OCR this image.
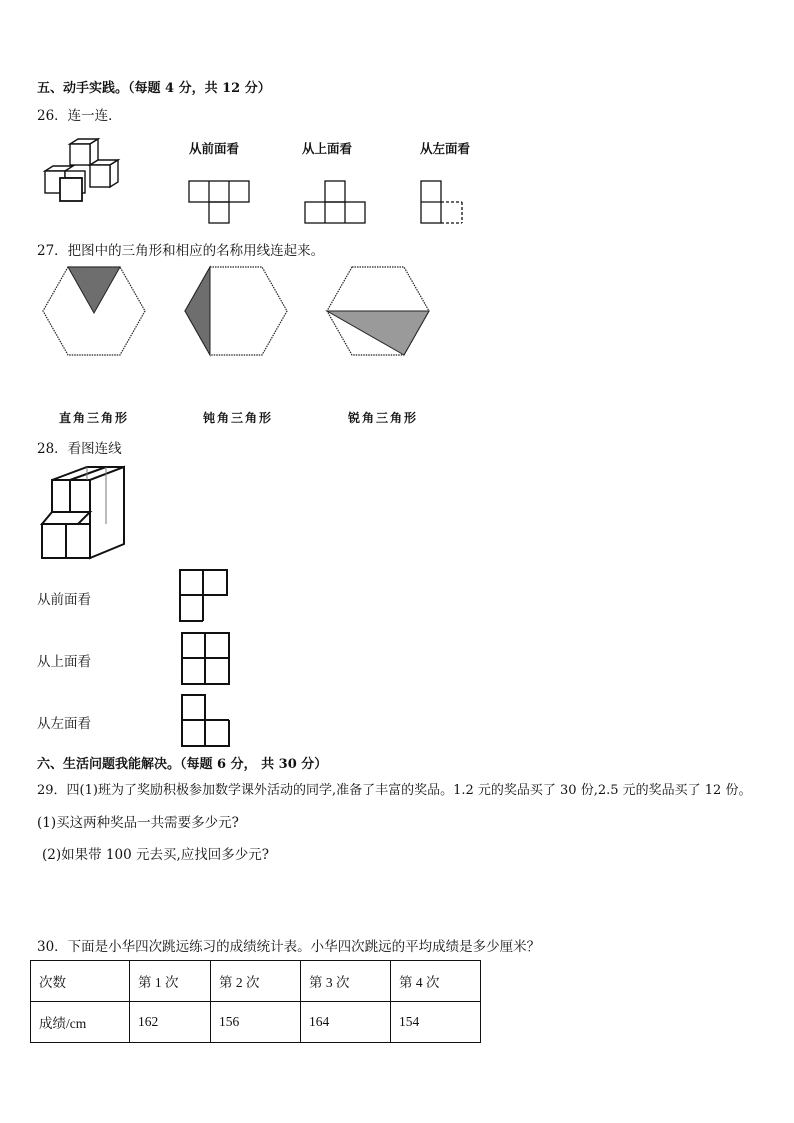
五、动手实践。（每题 4 分，共 12 分）
26．连一连．
从前面看	从上面看	从左面看
27．把图中的三角形和相应的名称用线连起来。
直角三角形	钝角三角形	锐角三角形
28．看图连线
从前面看
从上面看
从左面看
六、生活问题我能解决。（每题 6 分， 共 30 分）
29．四(1)班为了奖励积极参加数学课外活动的同学,准备了丰富的奖品。1.2 元的奖品买了 30 份,2.5 元的奖品买了 12 份。
(1)买这两种奖品一共需要多少元?
(2)如果带 100 元去买,应找回多少元?
30．下面是小华四次跳远练习的成绩统计表。小华四次跳远的平均成绩是多少厘米？
次数	第 1 次	第 2 次	第 3 次	第 4 次
成绩/cm	162	156	164	154
